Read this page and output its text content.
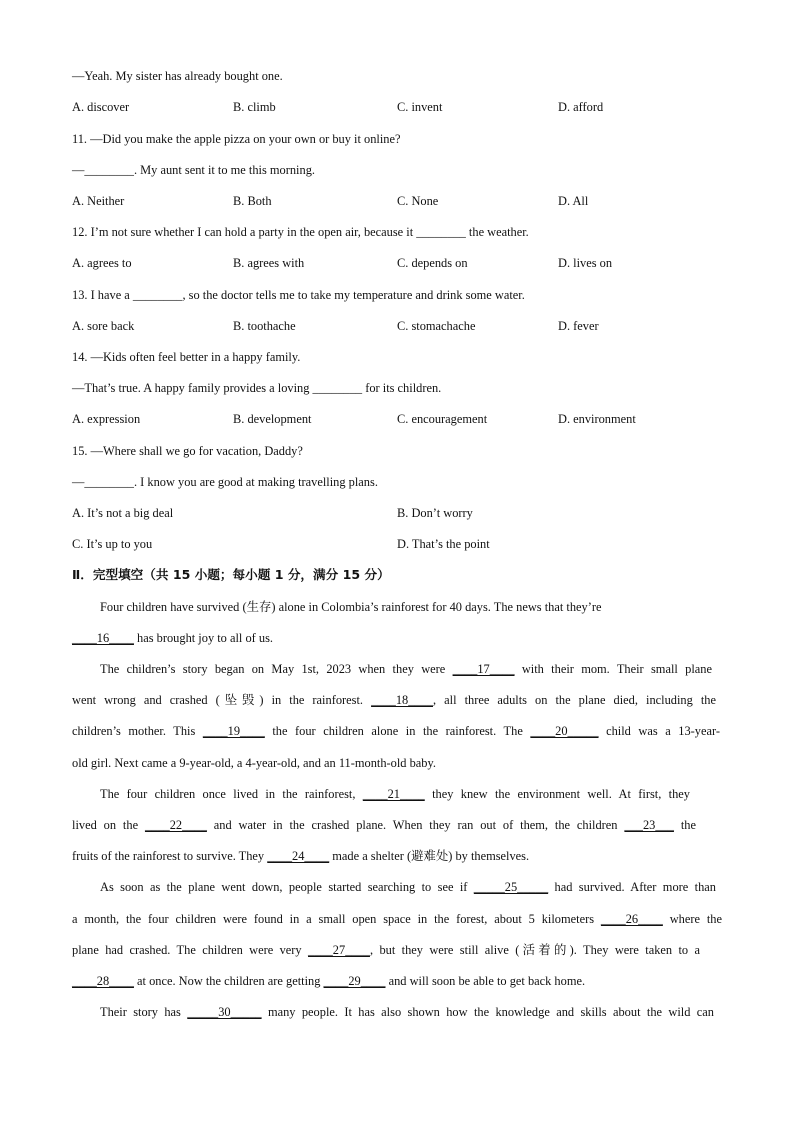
—Yeah. My sister has already bought one.
A. discover	B. climb	C. invent	D. afford
11. —Did you make the apple pizza on your own or buy it online?
—________. My aunt sent it to me this morning.
A. Neither	B. Both	C. None	D. All
12. I’m not sure whether I can hold a party in the open air, because it ________ the weather.
A. agrees to	B. agrees with	C. depends on	D. lives on
13. I have a ________, so the doctor tells me to take my temperature and drink some water.
A. sore back	B. toothache	C. stomachache	D. fever
14. —Kids often feel better in a happy family.
—That’s true. A happy family provides a loving ________ for its children.
A. expression	B. development	C. encouragement	D. environment
15. —Where shall we go for vacation, Daddy?
—________. I know you are good at making travelling plans.
A. It’s not a big deal	B. Don’t worry
C. It’s up to you	D. That’s the point
Ⅱ．完型填空（共 15 小题；每小题 1 分，满分 15 分）
Four children have survived (生存) alone in Colombia’s rainforest for 40 days. The news that they’re
____16____ has brought joy to all of us.
The children’s story began on May 1st, 2023 when they were ____17____ with their mom. Their small plane
went wrong and crashed (坠毁) in the rainforest. ____18____, all three adults on the plane died, including the
children’s mother. This ____19____ the four children alone in the rainforest. The ____20_____ child was a 13-year-
old girl. Next came a 9-year-old, a 4-year-old, and an 11-month-old baby.
The four children once lived in the rainforest, ____21____ they knew the environment well. At first, they
lived on the ____22____ and water in the crashed plane. When they ran out of them, the children ___23___ the
fruits of the rainforest to survive. They ____24____ made a shelter (避难处) by themselves.
As soon as the plane went down, people started searching to see if _____25_____ had survived. After more than
a month, the four children were found in a small open space in the forest, about 5 kilometers ____26____ where the
plane had crashed. The children were very ____27____, but they were still alive (活着的). They were taken to a
____28____ at once. Now the children are getting ____29____ and will soon be able to get back home.
Their story has _____30_____ many people. It has also shown how the knowledge and skills about the wild can
